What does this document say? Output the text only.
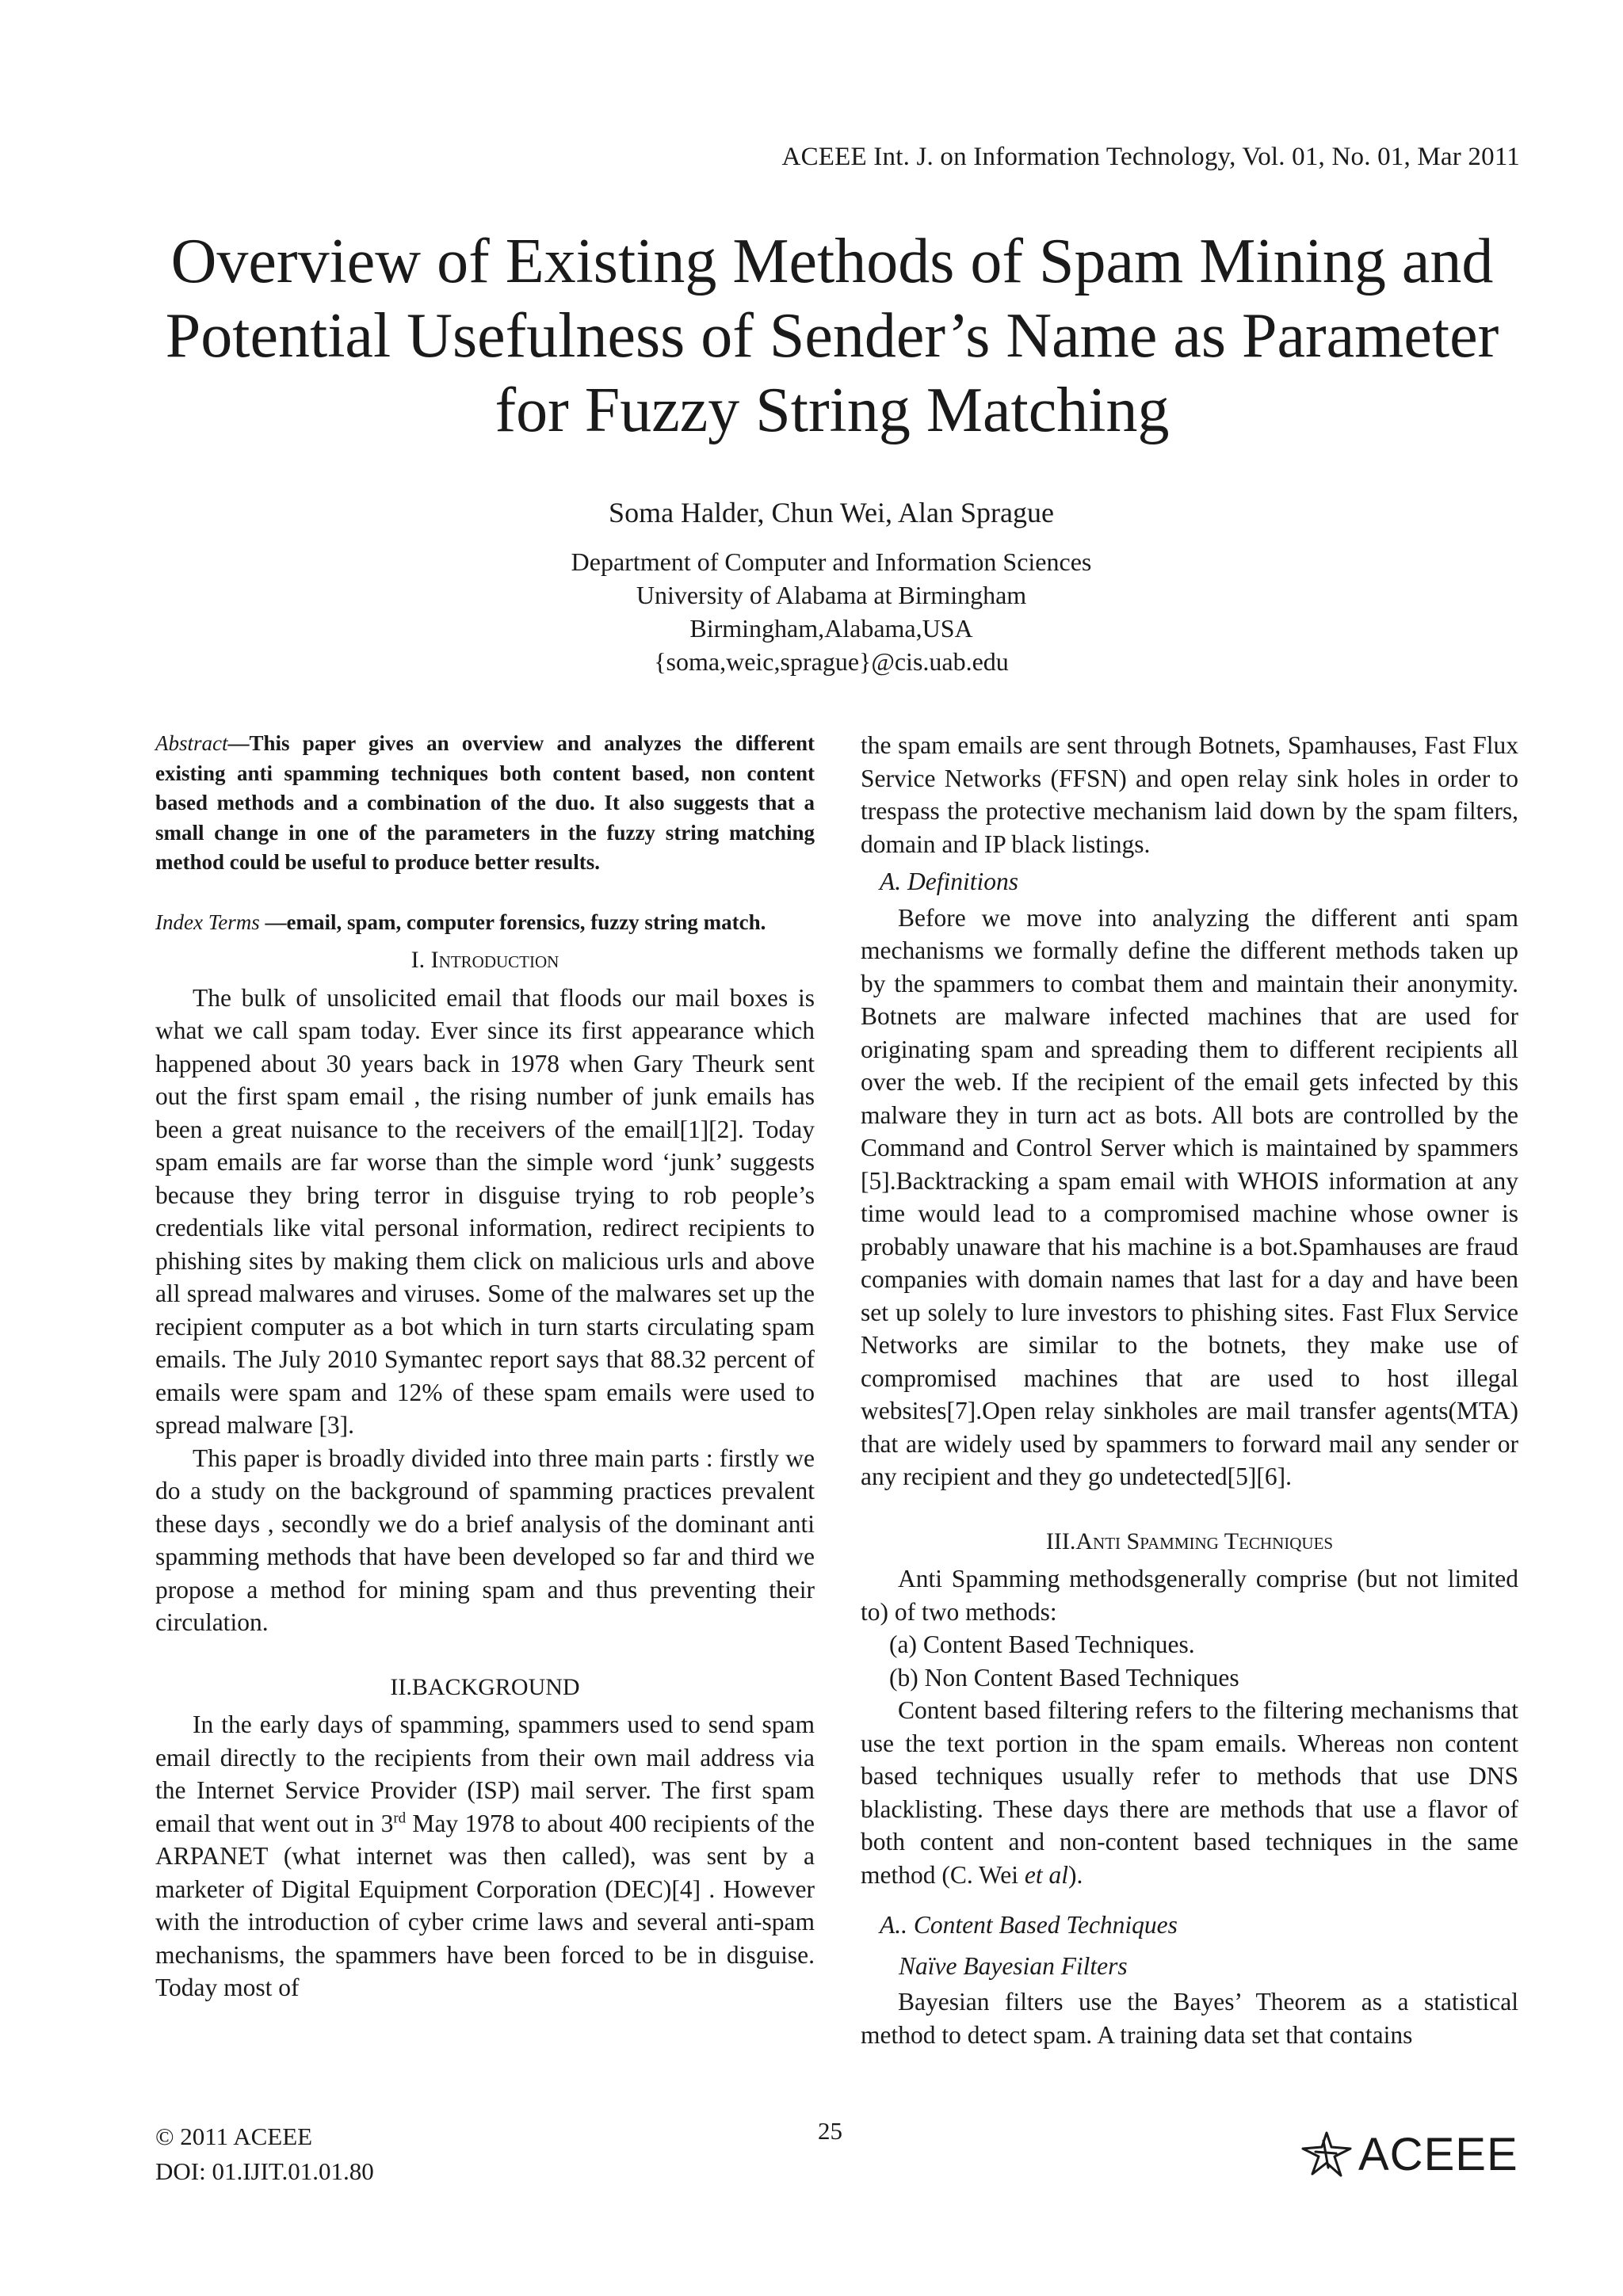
ACEEE Int. J. on Information Technology, Vol. 01, No. 01, Mar 2011
Overview of Existing Methods of Spam Mining and
Potential Usefulness of Sender’s Name as Parameter
for Fuzzy String Matching
Soma Halder, Chun Wei, Alan Sprague
Department of Computer and Information Sciences
University of Alabama at Birmingham
Birmingham,Alabama,USA
{soma,weic,sprague}@cis.uab.edu

Abstract—This paper gives an overview and analyzes the different existing anti spamming techniques both content based, non content based methods and a combination of the duo. It also suggests that a small change in one of the parameters in the fuzzy string matching method could be useful to produce better results.

Index Terms —email, spam, computer forensics, fuzzy string match.

I. Introduction

The bulk of unsolicited email that floods our mail boxes is what we call spam today. Ever since its first appearance which happened about 30 years back in 1978 when Gary Theurk sent out the first spam email , the rising number of junk emails has been a great nuisance to the receivers of the email[1][2]. Today spam emails are far worse than the simple word ‘junk’ suggests because they bring terror in disguise trying to rob people’s credentials like vital personal information, redirect recipients to phishing sites by making them click on malicious urls and above all spread malwares and viruses. Some of the malwares set up the recipient computer as a bot which in turn starts circulating spam emails. The July 2010 Symantec report says that 88.32 percent of emails were spam and 12% of these spam emails were used to spread malware [3].

This paper is broadly divided into three main parts : firstly we do a study on the background of spamming practices prevalent these days , secondly we do a brief analysis of the dominant anti spamming methods that have been developed so far and third we propose a method for mining spam and thus preventing their circulation.

II.BACKGROUND

In the early days of spamming, spammers used to send spam email directly to the recipients from their own mail address via the Internet Service Provider (ISP) mail server. The first spam email that went out in 3rd May 1978 to about 400 recipients of the ARPANET (what internet was then called), was sent by a marketer of Digital Equipment Corporation (DEC)[4] . However with the introduction of cyber crime laws and several anti-spam mechanisms, the spammers have been forced to be in disguise. Today most of

the spam emails are sent through Botnets, Spamhauses, Fast Flux Service Networks (FFSN) and open relay sink holes in order to trespass the protective mechanism laid down by the spam filters, domain and IP black listings.

A. Definitions

Before we move into analyzing the different anti spam mechanisms we formally define the different methods taken up by the spammers to combat them and maintain their anonymity. Botnets are malware infected machines that are used for originating spam and spreading them to different recipients all over the web. If the recipient of the email gets infected by this malware they in turn act as bots. All bots are controlled by the Command and Control Server which is maintained by spammers [5].Backtracking a spam email with WHOIS information at any time would lead to a compromised machine whose owner is probably unaware that his machine is a bot.Spamhauses are fraud companies with domain names that last for a day and have been set up solely to lure investors to phishing sites. Fast Flux Service Networks are similar to the botnets, they make use of compromised machines that are used to host illegal websites[7].Open relay sinkholes are mail transfer agents(MTA) that are widely used by spammers to forward mail any sender or any recipient and they go undetected[5][6].

III.Anti Spamming Techniques

Anti Spamming methodsgenerally comprise (but not limited to) of two methods:

(a) Content Based Techniques.

(b) Non Content Based Techniques

Content based filtering refers to the filtering mechanisms that use the text portion in the spam emails. Whereas non content based techniques usually refer to methods that use DNS blacklisting. These days there are methods that use a flavor of both content and non-content based techniques in the same method (C. Wei et al).

A.. Content Based Techniques

Naïve Bayesian Filters

Bayesian filters use the Bayes’ Theorem as a statistical method to detect spam. A training data set that contains

© 2011 ACEEE
DOI: 01.IJIT.01.01.80
25	ACEEE
